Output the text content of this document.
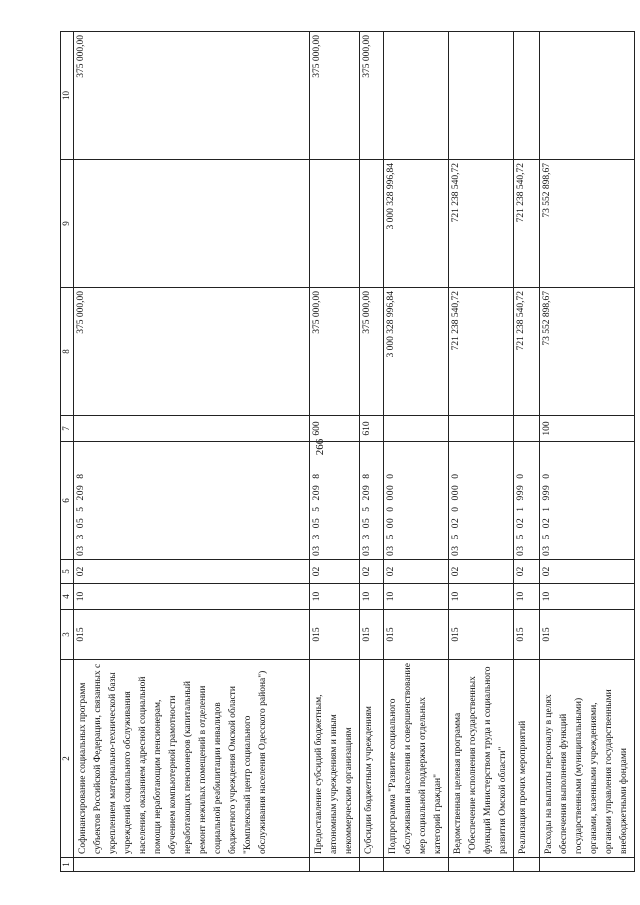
266
1	2	3	4	5	6	7	8	9	10
	Софинансирование социальных программ субъектов Российской Федерации, связанных с укреплением материально-технической базы учреждений социального обслуживания населения, оказанием адресной социальной помощи неработающим пенсионерам, обучением компьютерной грамотности неработающих пенсионеров (капитальный ремонт нежилых помещений в отделении социальной реабилитации инвалидов бюджетного учреждения Омской области "Комплексный центр социального обслуживания населения Одесского района")	015	10	02	0330552098		375 000,00		375 000,00
	Предоставление субсидий бюджетным, автономным учреждениям и иным некоммерческим организациям	015	10	02	0330552098	600	375 000,00		375 000,00
	Субсидии бюджетным учреждениям	015	10	02	0330552098	610	375 000,00		375 000,00
	Подпрограмма "Развитие социального обслуживания населения и совершенствование мер социальной поддержки отдельных категорий граждан"	015	10	02	0350000000		3 000 328 996,84	3 000 328 996,84	
	Ведомственная целевая программа "Обеспечение исполнения государственных функций Министерством труда и социального развития Омской области"	015	10	02	0350200000		721 238 540,72	721 238 540,72	
	Реализация прочих мероприятий	015	10	02	0350219990		721 238 540,72	721 238 540,72	
	Расходы на выплаты персоналу в целях обеспечения выполнения функций государственными (муниципальными) органами, казенными учреждениями, органами управления государственными внебюджетными фондами	015	10	02	0350219990	100	73 552 898,67	73 552 898,67	
